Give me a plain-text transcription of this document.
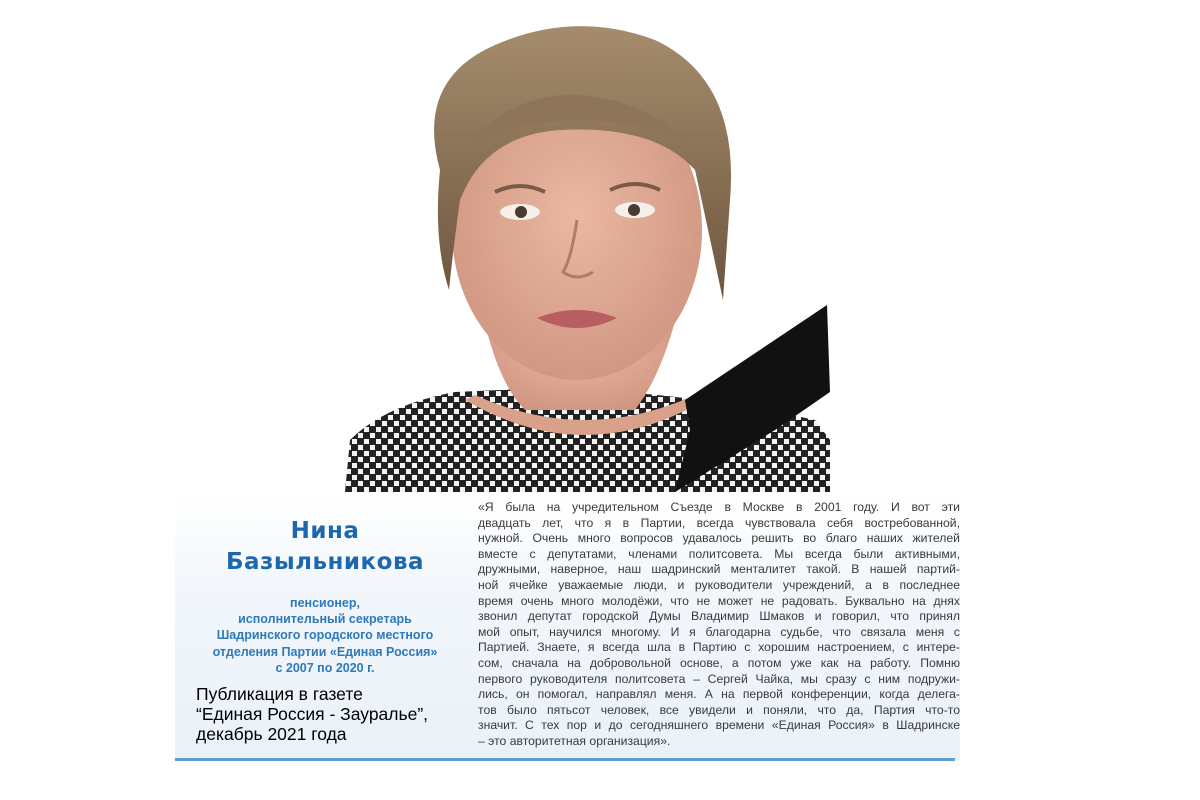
Нина
Базыльникова
пенсионер,
исполнительный секретарь
Шадринского городского местного
отделения Партии «Единая Россия»
с 2007 по 2020 г.
Публикация в газете
“Единая Россия - Зауралье”,
декабрь 2021 года
«Я была на учредительном Съезде в Москве в 2001 году. И вот эти
двадцать лет, что я в Партии, всегда чувствовала себя востребованной,
нужной. Очень много вопросов удавалось решить во благо наших жителей
вместе с депутатами, членами политсовета. Мы всегда были активными,
дружными, наверное, наш шадринский менталитет такой. В нашей партий-
ной ячейке уважаемые люди, и руководители учреждений, а в последнее
время очень много молодёжи, что не может не радовать. Буквально на днях
звонил депутат городской Думы Владимир Шмаков и говорил, что принял
мой опыт, научился многому. И я благодарна судьбе, что связала меня с
Партией. Знаете, я всегда шла в Партию с хорошим настроением, с интере-
сом, сначала на добровольной основе, а потом уже как на работу. Помню
первого руководителя политсовета – Сергей Чайка, мы сразу с ним подружи-
лись, он помогал, направлял меня. А на первой конференции, когда делега-
тов было пятьсот человек, все увидели и поняли, что да, Партия что-то
значит. С тех пор и до сегодняшнего времени «Единая Россия» в Шадринске
– это авторитетная организация».
